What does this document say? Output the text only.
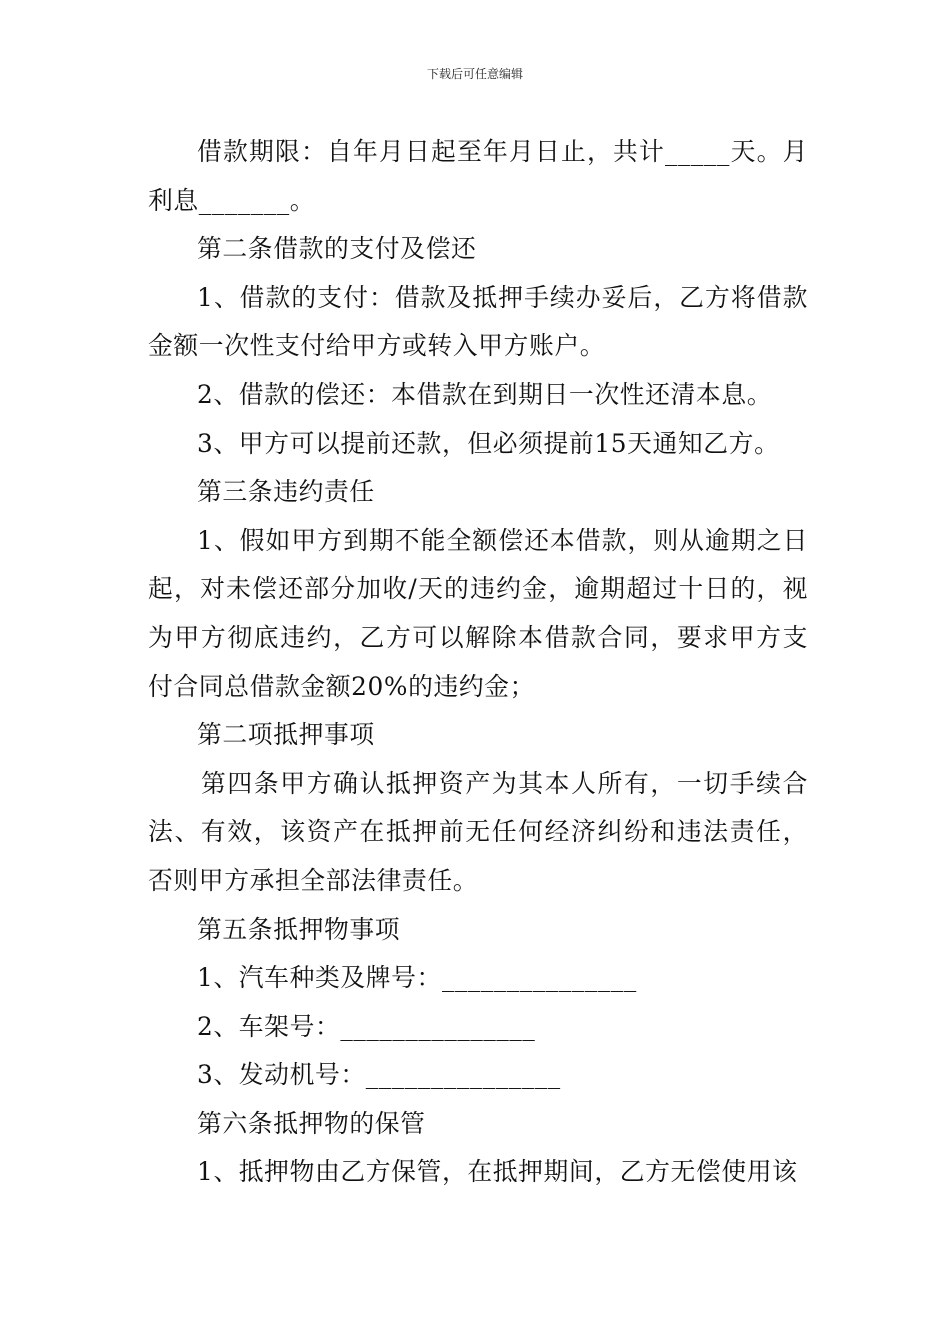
下载后可任意编辑

借款期限：自年月日起至年月日止，共计_____天。月利息_______。

第二条借款的支付及偿还

1、借款的支付：借款及抵押手续办妥后，乙方将借款金额一次性支付给甲方或转入甲方账户。

2、借款的偿还：本借款在到期日一次性还清本息。

3、甲方可以提前还款，但必须提前15天通知乙方。

第三条违约责任

1、假如甲方到期不能全额偿还本借款，则从逾期之日起，对未偿还部分加收/天的违约金，逾期超过十日的，视为甲方彻底违约，乙方可以解除本借款合同，要求甲方支付合同总借款金额20%的违约金；

第二项抵押事项

第四条甲方确认抵押资产为其本人所有，一切手续合法、有效，该资产在抵押前无任何经济纠纷和违法责任，否则甲方承担全部法律责任。

第五条抵押物事项

1、汽车种类及牌号：_______________

2、车架号：_______________

3、发动机号：_______________

第六条抵押物的保管

1、抵押物由乙方保管，在抵押期间，乙方无偿使用该
